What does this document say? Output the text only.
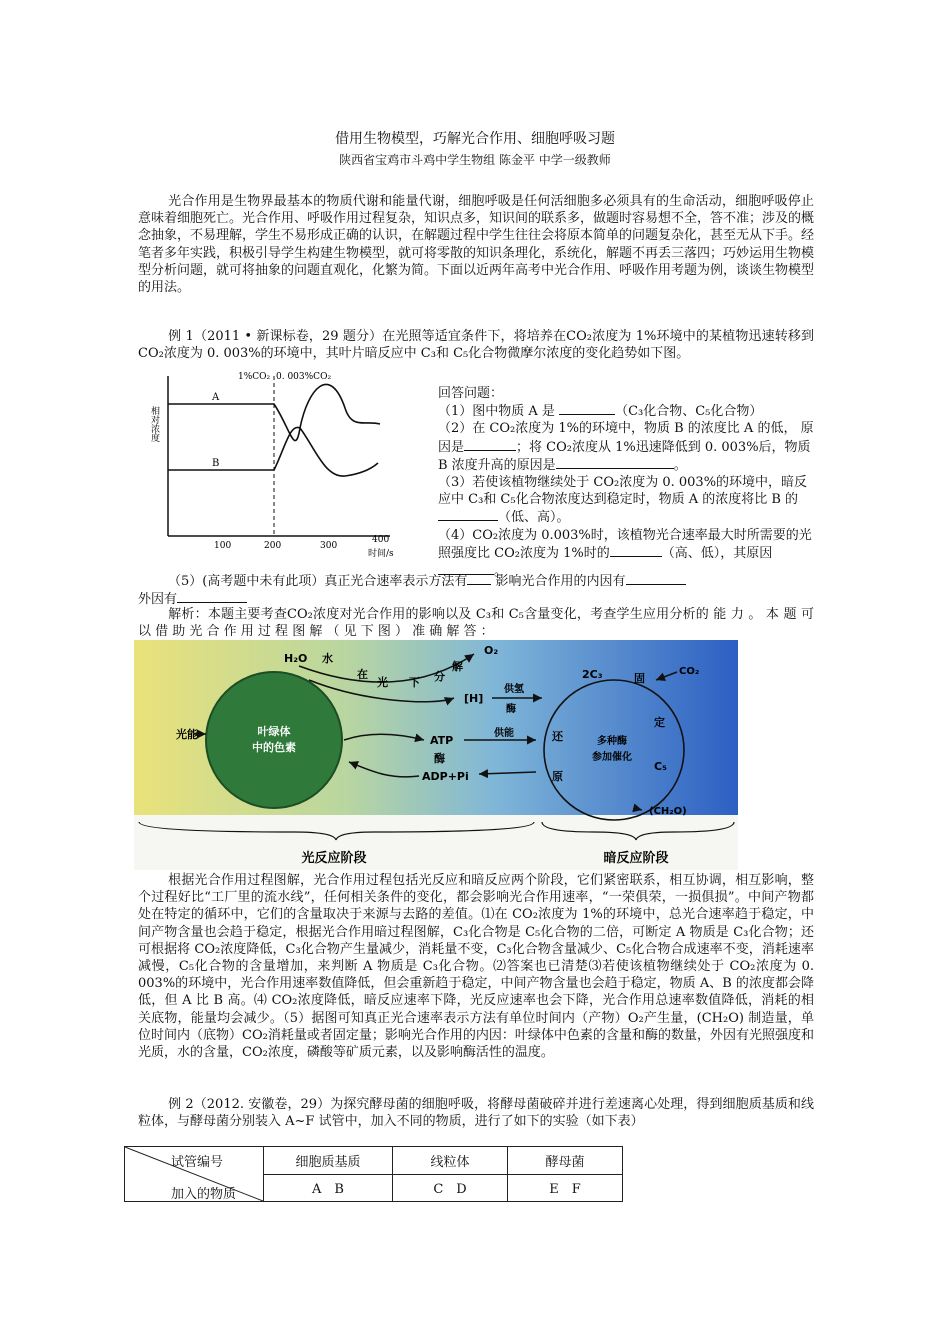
借用生物模型，巧解光合作用、细胞呼吸习题
陕西省宝鸡市斗鸡中学生物组 陈金平 中学一级教师

光合作用是生物界最基本的物质代谢和能量代谢，细胞呼吸是任何活细胞多必须具有的生命活动，细胞呼吸停止意味着细胞死亡。光合作用、呼吸作用过程复杂，知识点多，知识间的联系多，做题时容易想不全，答不准；涉及的概念抽象，不易理解，学生不易形成正确的认识，在解题过程中学生往往会将原本简单的问题复杂化，甚至无从下手。经笔者多年实践，积极引导学生构建生物模型，就可将零散的知识条理化，系统化，解题不再丢三落四；巧妙运用生物模型分析问题，就可将抽象的问题直观化，化繁为简。下面以近两年高考中光合作用、呼吸作用考题为例，谈谈生物模型的用法。

例 1（2011 • 新课标卷，29 题分）在光照等适宜条件下，将培养在CO₂浓度为 1%环境中的某植物迅速转移到CO₂浓度为 0. 003%的环境中，其叶片暗反应中 C₃和 C₅化合物微摩尔浓度的变化趋势如下图。

相对浓度
A
B
1%CO₂ 0. 003%CO₂
100	200	300
400
时间/s
回答问题：
（1）图中物质 A 是	（C₃化合物、C₅化合物）
（2）在 CO₂浓度为 1%的环境中，物质 B 的浓度比 A 的低， 原因是	；将 CO₂浓度从 1%迅速降低到 0. 003%后，物质 B 浓度升高的原因是	。
（3）若使该植物继续处于 CO₂浓度为 0. 003%的环境中，暗反应中 C₃和 C₅化合物浓度达到稳定时，物质 A 的浓度将比 B 的（低、高）。
（4）CO₂浓度为 0.003%时，该植物光合速率最大时所需要的光照强度比 CO₂浓度为 1%时的	（高、低），其原因。

（5）(高考题中未有此项）真正光合速率表示方法有 影响光合作用的内因有
外因有

解析：本题主要考查CO₂浓度对光合作用的影响以及 C₃和 C₅含量变化，考查学生应用分析的 能 力 。 本 题 可 以 借 助 光 合 作 用 过 程 图 解 （ 见 下 图 ） 准 确 解 答 ：

叶绿体
中的色素
光能
H₂O 水
在
光 下 分
解
O₂
[H]
供氢
酶
ATP
酶
ADP+Pi
供能	还
原
2C₃	固
定
CO₂
多种酶
参加催化
C₅
(CH₂O)
光反应阶段	暗反应阶段

根据光合作用过程图解，光合作用过程包括光反应和暗反应两个阶段，它们紧密联系，相互协调，相互影响，整个过程好比“工厂里的流水线”，任何相关条件的变化，都会影响光合作用速率，“一荣俱荣，一损俱损”。中间产物都处在特定的循环中，它们的含量取决于来源与去路的差值。⑴在 CO₂浓度为 1%的环境中，总光合速率趋于稳定，中间产物含量也会趋于稳定，根据光合作用暗过程图解，C₃化合物是 C₅化合物的二倍，可断定 A 物质是 C₃化合物；还可根据将 CO₂浓度降低，C₃化合物产生量减少，消耗量不变，C₃化合物含量减少、C₅化合物合成速率不变，消耗速率减慢，C₅化合物的含量增加，来判断 A 物质是 C₃化合物。⑵答案也已清楚⑶若使该植物继续处于 CO₂浓度为 0. 003%的环境中，光合作用速率数值降低，但会重新趋于稳定，中间产物含量也会趋于稳定，物质 A、B 的浓度都会降低，但 A 比 B 高。⑷ CO₂浓度降低，暗反应速率下降，光反应速率也会下降，光合作用总速率数值降低，消耗的相关底物，能量均会减少。（5）据图可知真正光合速率表示方法有单位时间内（产物）O₂产生量，(CH₂O) 制造量，单位时间内（底物）CO₂消耗量或者固定量；影响光合作用的内因：叶绿体中色素的含量和酶的数量，外因有光照强度和光质，水的含量，CO₂浓度，磷酸等矿质元素，以及影响酶活性的温度。

例 2（2012. 安徽卷，29）为探究酵母菌的细胞呼吸，将酵母菌破碎并进行差速离心处理，得到细胞质基质和线粒体，与酵母菌分别装入 A~F 试管中，加入不同的物质，进行了如下的实验（如下表）

试管编号
加入的物质	细胞质基质	线粒体	酵母菌
	A　B	C　D	E　F
